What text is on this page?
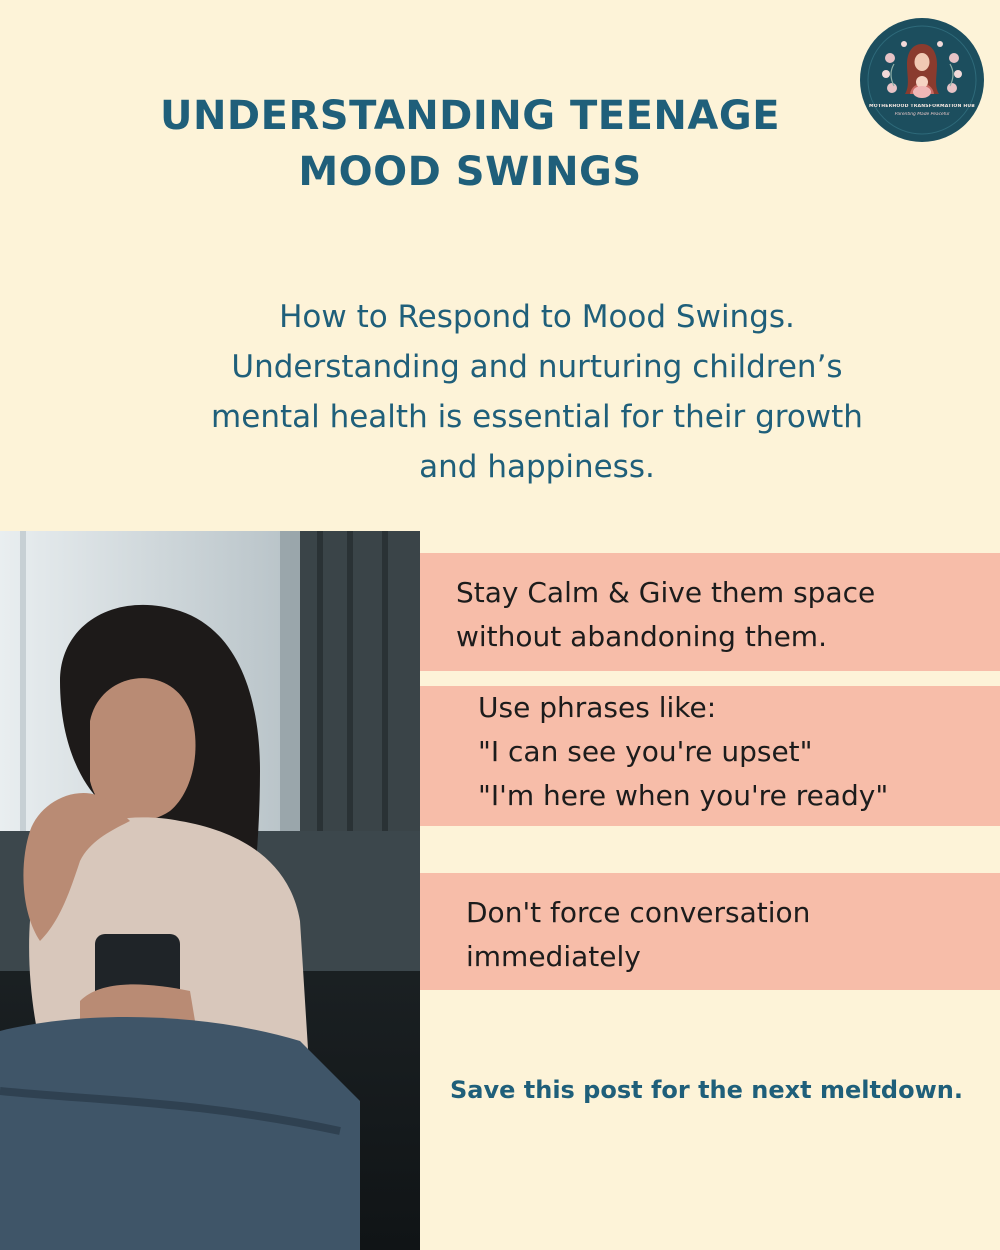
UNDERSTANDING TEENAGE
MOOD SWINGS
MOTHERHOOD TRANSFORMATION HUB
Parenting Made Peaceful
How to Respond to Mood Swings.
Understanding and nurturing children’s
mental health is essential for their growth
and happiness.
Stay Calm & Give them space
without abandoning them.
Use phrases like:
"I can see you're upset"
"I'm here when you're ready"
Don't force conversation
immediately
Save this post for the next meltdown.
